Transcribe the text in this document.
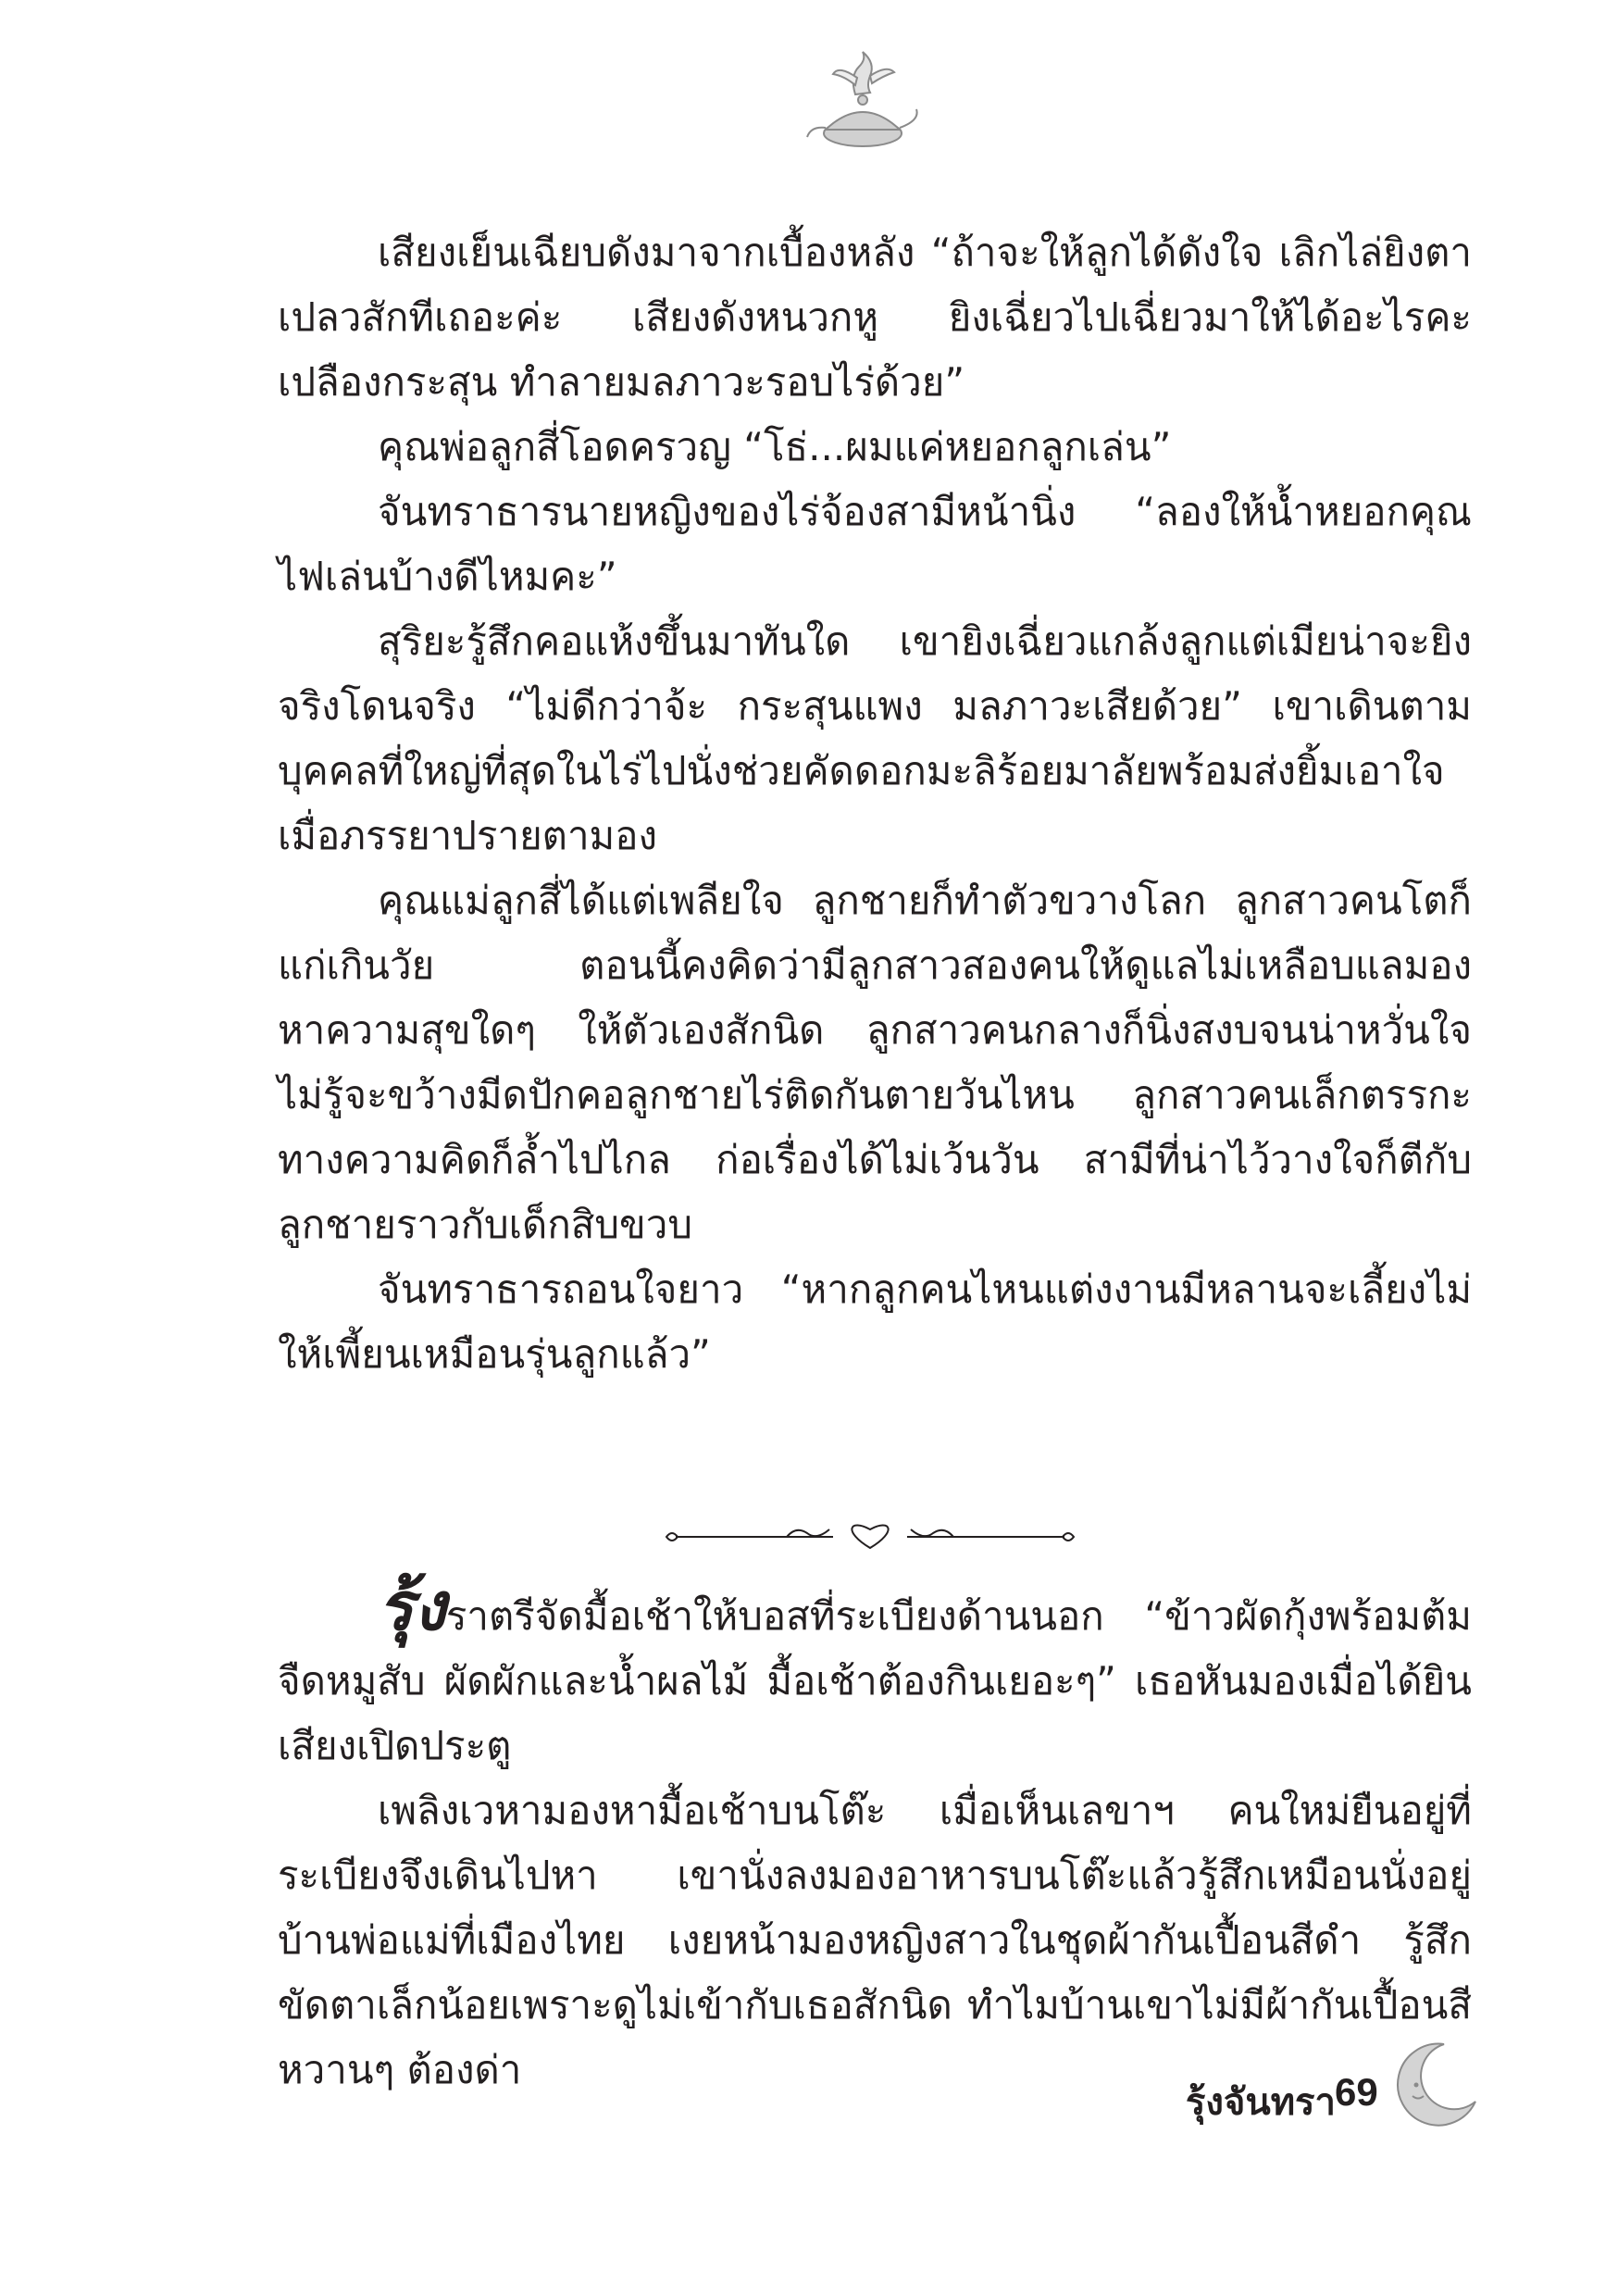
เสียงเย็นเฉียบดังมาจากเบื้องหลัง “ถ้าจะให้ลูกได้ดังใจ เลิกไล่ยิงตาเปลวสักทีเถอะค่ะ เสียงดังหนวกหู ยิงเฉี่ยวไปเฉี่ยวมาให้ได้อะไรคะ เปลืองกระสุน ทำลายมลภาวะรอบไร่ด้วย”

คุณพ่อลูกสี่โอดครวญ “โธ่...ผมแค่หยอกลูกเล่น”

จันทราธารนายหญิงของไร่จ้องสามีหน้านิ่ง “ลองให้น้ำหยอกคุณไฟเล่นบ้างดีไหมคะ”

สุริยะรู้สึกคอแห้งขึ้นมาทันใด เขายิงเฉี่ยวแกล้งลูกแต่เมียน่าจะยิงจริงโดนจริง “ไม่ดีกว่าจ้ะ กระสุนแพง มลภาวะเสียด้วย” เขาเดินตามบุคคลที่ใหญ่ที่สุดในไร่ไปนั่งช่วยคัดดอกมะลิร้อยมาลัยพร้อมส่งยิ้มเอาใจ เมื่อภรรยาปรายตามอง

คุณแม่ลูกสี่ได้แต่เพลียใจ ลูกชายก็ทำตัวขวางโลก ลูกสาวคนโตก็แก่เกินวัย ตอนนี้คงคิดว่ามีลูกสาวสองคนให้ดูแลไม่เหลือบแลมองหาความสุขใดๆ ให้ตัวเองสักนิด ลูกสาวคนกลางก็นิ่งสงบจนน่าหวั่นใจ ไม่รู้จะขว้างมีดปักคอลูกชายไร่ติดกันตายวันไหน ลูกสาวคนเล็กตรรกะทางความคิดก็ล้ำไปไกล ก่อเรื่องได้ไม่เว้นวัน สามีที่น่าไว้วางใจก็ตีกับลูกชายราวกับเด็กสิบขวบ

จันทราธารถอนใจยาว “หากลูกคนไหนแต่งงานมีหลานจะเลี้ยงไม่ให้เพี้ยนเหมือนรุ่นลูกแล้ว”

รุ้งราตรีจัดมื้อเช้าให้บอสที่ระเบียงด้านนอก “ข้าวผัดกุ้งพร้อมต้มจืดหมูสับ ผัดผักและน้ำผลไม้ มื้อเช้าต้องกินเยอะๆ” เธอหันมองเมื่อได้ยินเสียงเปิดประตู

เพลิงเวหามองหามื้อเช้าบนโต๊ะ เมื่อเห็นเลขาฯ คนใหม่ยืนอยู่ที่ระเบียงจึงเดินไปหา เขานั่งลงมองอาหารบนโต๊ะแล้วรู้สึกเหมือนนั่งอยู่บ้านพ่อแม่ที่เมืองไทย เงยหน้ามองหญิงสาวในชุดผ้ากันเปื้อนสีดำ รู้สึกขัดตาเล็กน้อยเพราะดูไม่เข้ากับเธอสักนิด ทำไมบ้านเขาไม่มีผ้ากันเปื้อนสีหวานๆ ต้องด่า

รุ้งจันทรา 69
